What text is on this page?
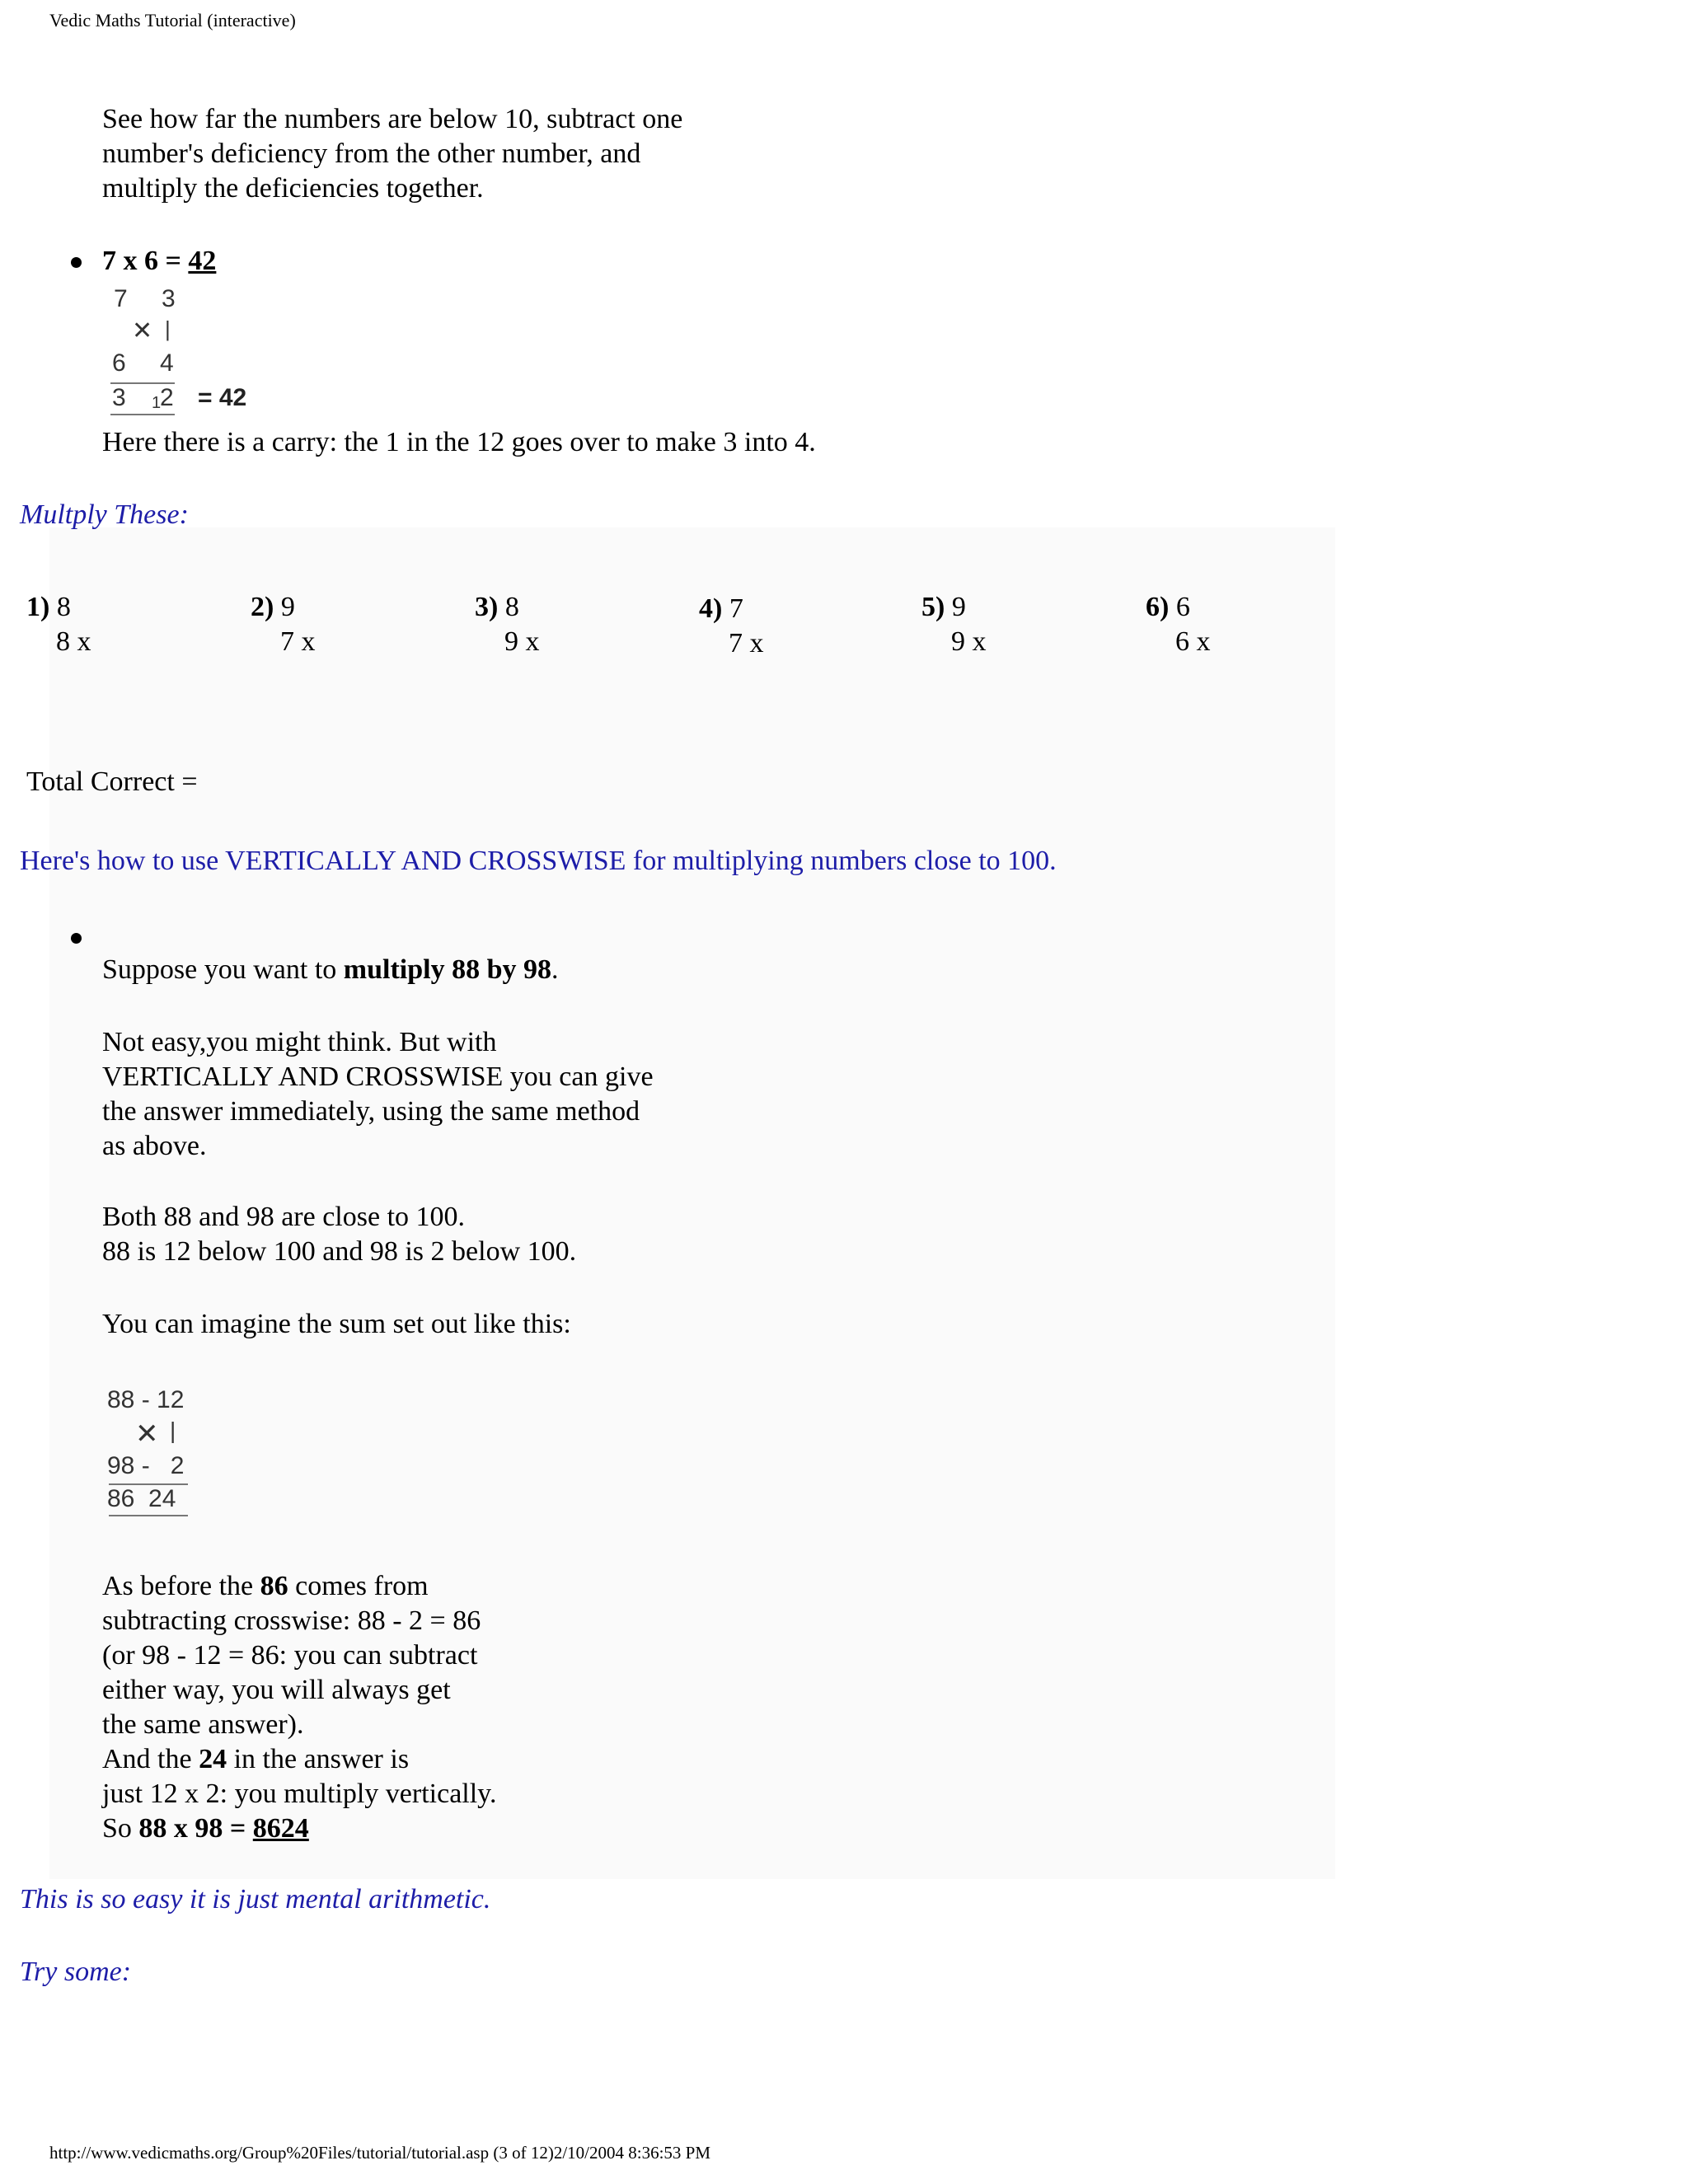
Vedic Maths Tutorial (interactive)
See how far the numbers are below 10, subtract one
number's deficiency from the other number, and
multiply the deficiencies together.
7 x 6 = 42
7 3
✕ |
6 4
3 1
2 = 42
Here there is a carry: the 1 in the 12 goes over to make 3 into 4.
Multply These:
1) 8
8 x
2) 9
7 x
3) 8
9 x
4) 7
7 x
5) 9
9 x
6) 6
6 x
Total Correct =
Here's how to use VERTICALLY AND CROSSWISE for multiplying numbers close to 100.
Suppose you want to multiply 88 by 98.
Not easy,you might think. But with
VERTICALLY AND CROSSWISE you can give
the answer immediately, using the same method
as above.
Both 88 and 98 are close to 100.
88 is 12 below 100 and 98 is 2 below 100.
You can imagine the sum set out like this:
88 - 12
✕ |
98 -   2
86  24
As before the 86 comes from
subtracting crosswise: 88 - 2 = 86
(or 98 - 12 = 86: you can subtract
either way, you will always get
the same answer).
And the 24 in the answer is
just 12 x 2: you multiply vertically.
So 88 x 98 = 8624
This is so easy it is just mental arithmetic.
Try some:
http://www.vedicmaths.org/Group%20Files/tutorial/tutorial.asp (3 of 12)2/10/2004 8:36:53 PM
